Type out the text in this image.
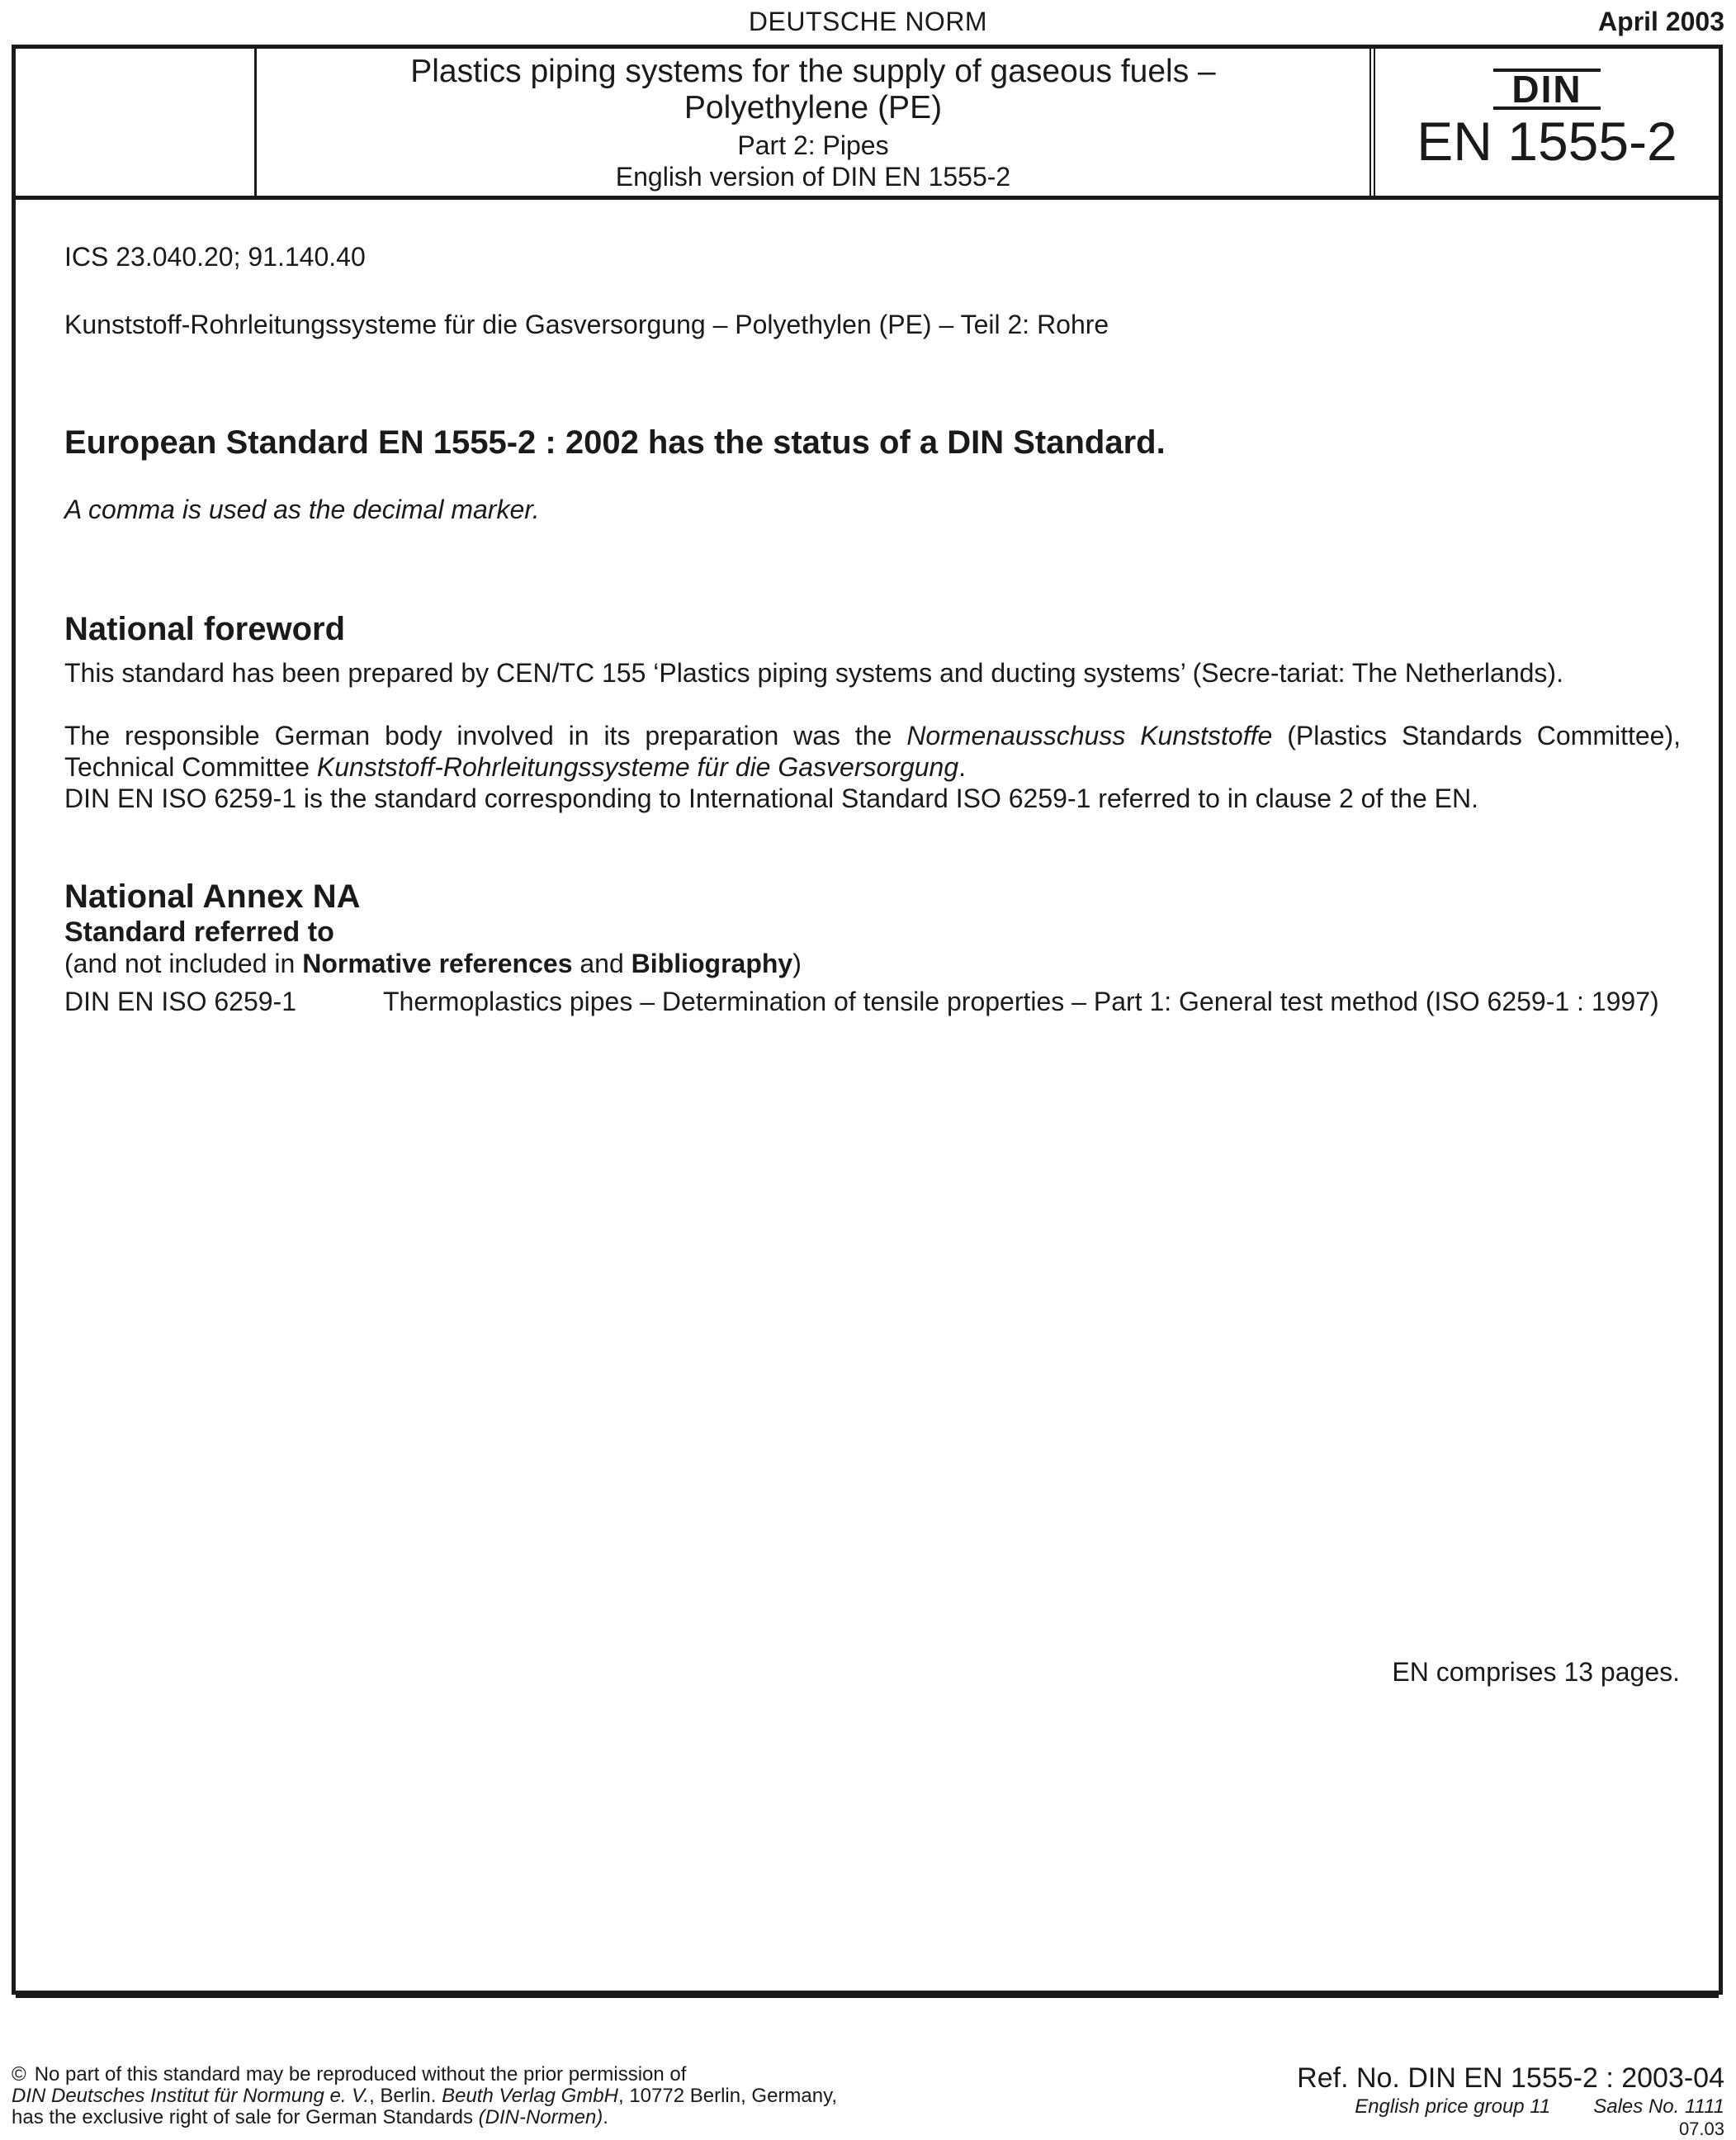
DEUTSCHE NORM	April 2003
Plastics piping systems for the supply of gaseous fuels –
Polyethylene (PE)
Part 2: Pipes
English version of DIN EN 1555-2
DIN
EN 1555-2
ICS 23.040.20; 91.140.40
Kunststoff-Rohrleitungssysteme für die Gasversorgung – Polyethylen (PE) – Teil 2: Rohre
European Standard EN 1555-2 : 2002 has the status of a DIN Standard.
A comma is used as the decimal marker.
National foreword
This standard has been prepared by CEN/TC 155 ‘Plastics piping systems and ducting systems’ (Secre-tariat: The Netherlands).
The responsible German body involved in its preparation was the Normenausschuss Kunststoffe (Plastics Standards Committee), Technical Committee Kunststoff-Rohrleitungssysteme für die Gasversorgung.
DIN EN ISO 6259-1 is the standard corresponding to International Standard ISO 6259-1 referred to in clause 2 of the EN.
National Annex NA
Standard referred to
(and not included in Normative references and Bibliography)
DIN EN ISO 6259-1	Thermoplastics pipes – Determination of tensile properties – Part 1: General test method (ISO 6259-1 : 1997)
EN comprises 13 pages.
© No part of this standard may be reproduced without the prior permission of
DIN Deutsches Institut für Normung e. V., Berlin. Beuth Verlag GmbH, 10772 Berlin, Germany,
has the exclusive right of sale for German Standards (DIN-Normen).
Ref. No. DIN EN 1555-2 : 2003-04
English price group 11 Sales No. 1111
07.03
